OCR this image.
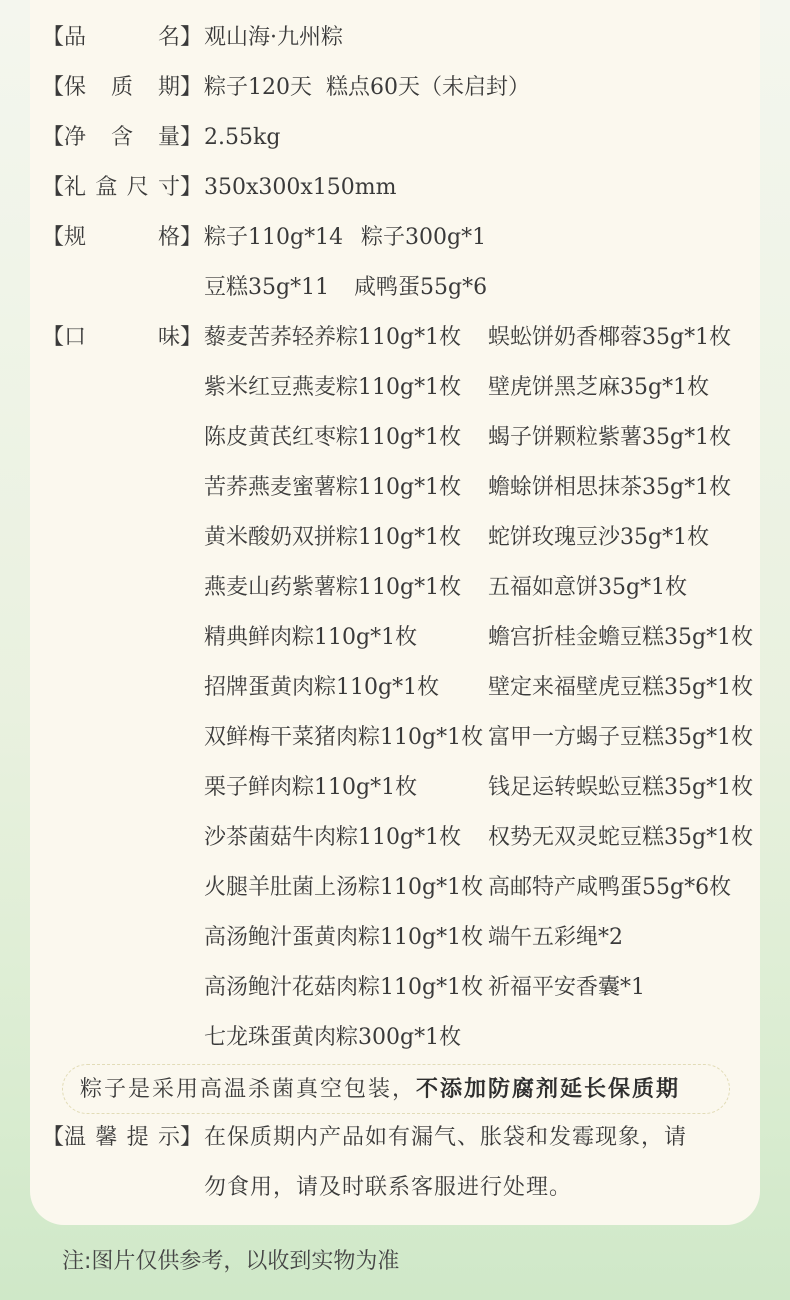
【 品	名 】 观山海·九州粽
【 保 质 期 】 粽子120天  糕点60天（未启封）
【 净 含 量 】 2.55kg
【 礼 盒 尺 寸 】 350x300x150mm
【 规	格 】 粽子110g*14 粽子300g*1
豆糕35g*11 咸鸭蛋55g*6
【 口	味 】 藜麦苦荞轻养粽110g*1枚 蜈蚣饼奶香椰蓉35g*1枚
紫米红豆燕麦粽110g*1枚 壁虎饼黑芝麻35g*1枚
陈皮黄芪红枣粽110g*1枚 蝎子饼颗粒紫薯35g*1枚
苦荞燕麦蜜薯粽110g*1枚 蟾蜍饼相思抹茶35g*1枚
黄米酸奶双拼粽110g*1枚 蛇饼玫瑰豆沙35g*1枚
燕麦山药紫薯粽110g*1枚 五福如意饼35g*1枚
精典鲜肉粽110g*1枚	蟾宫折桂金蟾豆糕35g*1枚
招牌蛋黄肉粽110g*1枚 壁定来福壁虎豆糕35g*1枚
双鲜梅干菜猪肉粽110g*1枚 富甲一方蝎子豆糕35g*1枚
栗子鲜肉粽110g*1枚	钱足运转蜈蚣豆糕35g*1枚
沙茶菌菇牛肉粽110g*1枚 权势无双灵蛇豆糕35g*1枚
火腿羊肚菌上汤粽110g*1枚 高邮特产咸鸭蛋55g*6枚
高汤鲍汁蛋黄肉粽110g*1枚 端午五彩绳*2
高汤鲍汁花菇肉粽110g*1枚 祈福平安香囊*1
七龙珠蛋黄肉粽300g*1枚
粽子是采用高温杀菌真空包装，不添加防腐剂延长保质期
【 温 馨 提 示 】 在保质期内产品如有漏气、胀袋和发霉现象，请
勿食用，请及时联系客服进行处理。
注:图片仅供参考，以收到实物为准
